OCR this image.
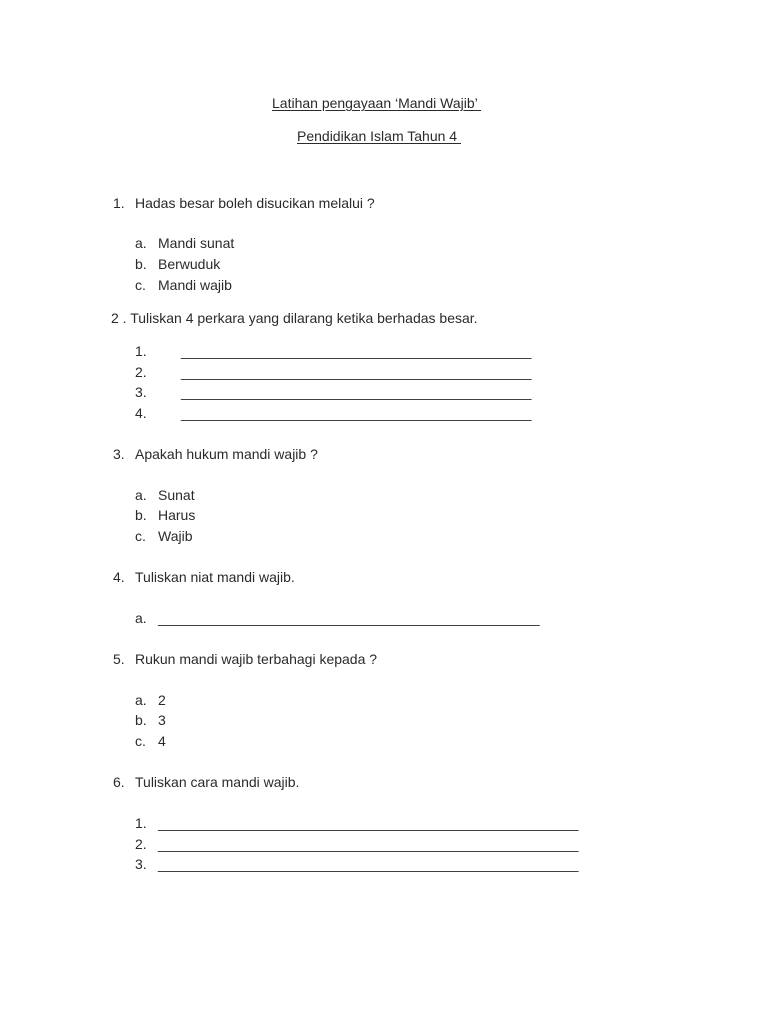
Latihan pengayaan ‘Mandi Wajib’
Pendidikan Islam Tahun 4
1. Hadas besar boleh disucikan melalui ?
a. Mandi sunat
b. Berwuduk
c. Mandi wajib
2 . Tuliskan 4 perkara yang dilarang ketika berhadas besar.
1. _____________________________________________
2. _____________________________________________
3. _____________________________________________
4. _____________________________________________
3. Apakah hukum mandi wajib ?
a. Sunat
b. Harus
c. Wajib
4. Tuliskan niat mandi wajib.
a. _________________________________________________
5. Rukun mandi wajib terbahagi kepada ?
a. 2
b. 3
c. 4
6. Tuliskan cara mandi wajib.
1. ______________________________________________________
2. ______________________________________________________
3. ______________________________________________________
